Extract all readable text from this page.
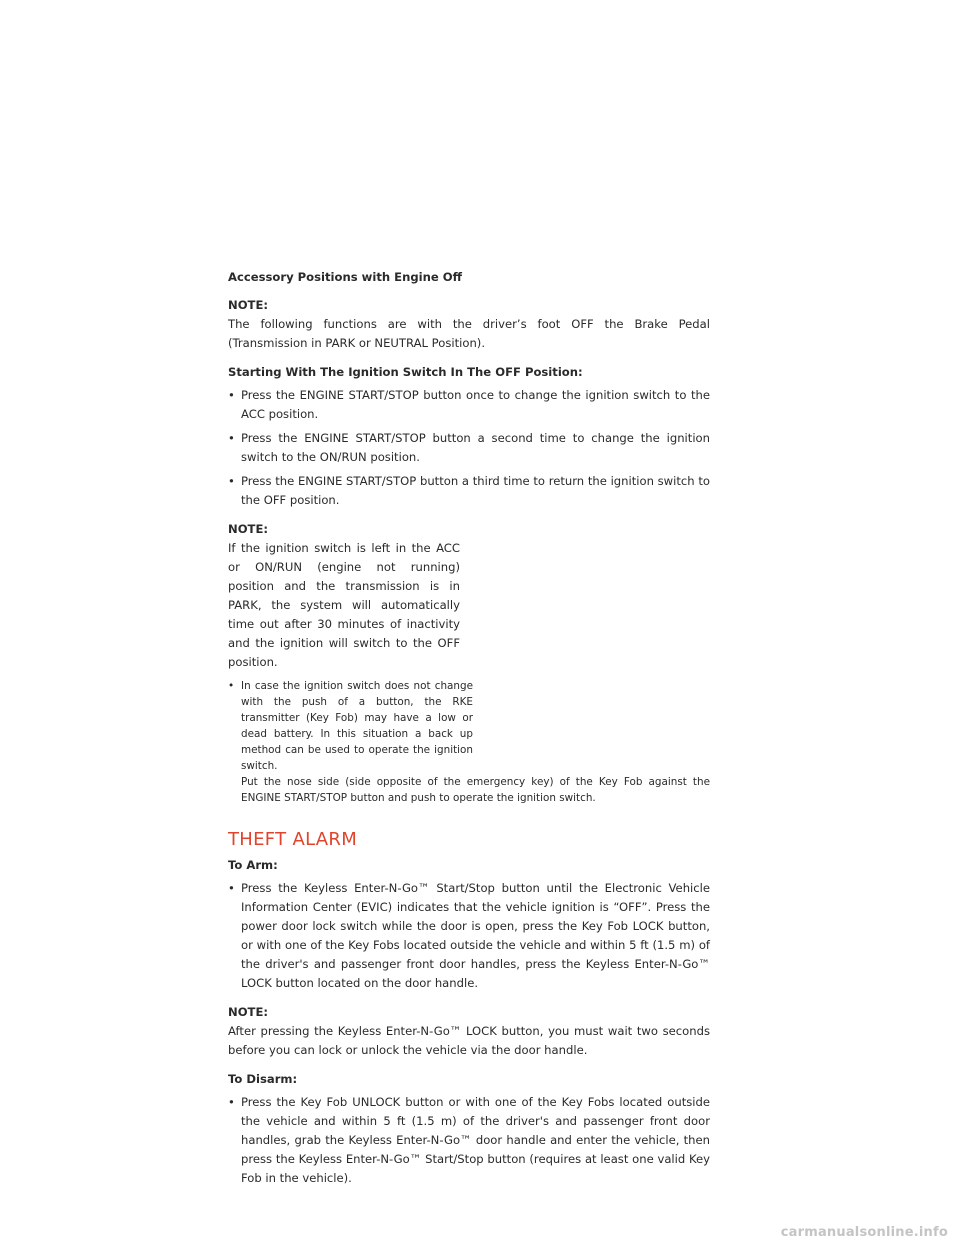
Accessory Positions with Engine Off

NOTE:

The following functions are with the driver’s foot OFF the Brake Pedal (Transmission in PARK or NEUTRAL Position).

Starting With The Ignition Switch In The OFF Position:

• Press the ENGINE START/STOP button once to change the ignition switch to the ACC position.

• Press the ENGINE START/STOP button a second time to change the ignition switch to the ON/RUN position.

• Press the ENGINE START/STOP button a third time to return the ignition switch to the OFF position.

NOTE:

If the ignition switch is left in the ACC or ON/RUN (engine not running) position and the transmission is in PARK, the system will automatically time out after 30 minutes of inactivity and the ignition will switch to the OFF position.

• In case the ignition switch does not change with the push of a button, the RKE transmitter (Key Fob) may have a low or dead battery. In this situation a back up method can be used to operate the ignition switch.

Put the nose side (side opposite of the emergency key) of the Key Fob against the ENGINE START/STOP button and push to operate the ignition switch.

THEFT ALARM

To Arm:

• Press the Keyless Enter-N-Go™ Start/Stop button until the Electronic Vehicle Information Center (EVIC) indicates that the vehicle ignition is “OFF”. Press the power door lock switch while the door is open, press the Key Fob LOCK button, or with one of the Key Fobs located outside the vehicle and within 5 ft (1.5 m) of the driver's and passenger front door handles, press the Keyless Enter-N-Go™ LOCK button located on the door handle.

NOTE:

After pressing the Keyless Enter-N-Go™ LOCK button, you must wait two seconds before you can lock or unlock the vehicle via the door handle.

To Disarm:

• Press the Key Fob UNLOCK button or with one of the Key Fobs located outside the vehicle and within 5 ft (1.5 m) of the driver's and passenger front door handles, grab the Keyless Enter-N-Go™ door handle and enter the vehicle, then press the Keyless Enter-N-Go™ Start/Stop button (requires at least one valid Key Fob in the vehicle).

carmanualsonline.info
